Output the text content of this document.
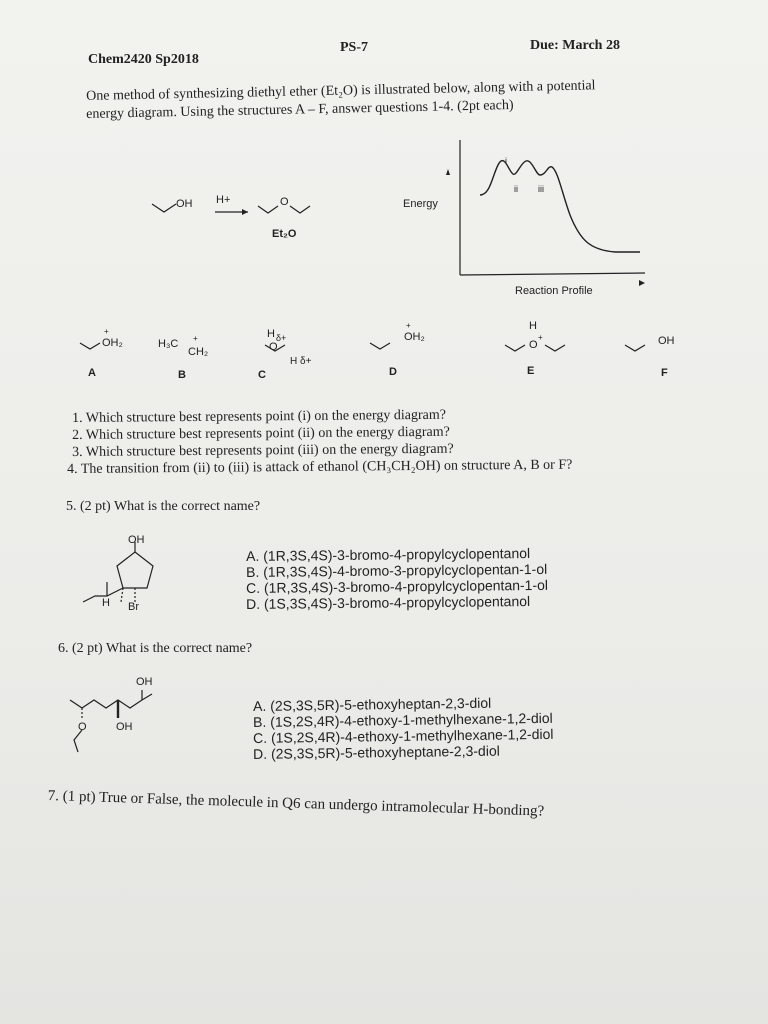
Chem2420 Sp2018
PS-7	Due: March 28
One method of synthesizing diethyl ether (Et₂O) is illustrated below, along with a potential
energy diagram. Using the structures A – F, answer questions 1-4. (2pt each)
OH H+	O
Et₂O
Energy
Reaction Profile
i
ii iii
OH₂
+
A
H₃C
CH₂
+
B
H δ+
O
H δ+
C
OH₂
+
D
H
O
+
E
OH
F
1. Which structure best represents point (i) on the energy diagram?
2. Which structure best represents point (ii) on the energy diagram?
3. Which structure best represents point (iii) on the energy diagram?
4. The transition from (ii) to (iii) is attack of ethanol (CH₃CH₂OH) on structure A, B or F?
5. (2 pt) What is the correct name?
OH
H Br
A. (1R,3S,4S)-3-bromo-4-propylcyclopentanol
B. (1R,3S,4S)-4-bromo-3-propylcyclopentan-1-ol
C. (1R,3S,4S)-3-bromo-4-propylcyclopentan-1-ol
D. (1S,3S,4S)-3-bromo-4-propylcyclopentanol
6. (2 pt) What is the correct name?
OH
O	OH
A. (2S,3S,5R)-5-ethoxyheptan-2,3-diol
B. (1S,2S,4R)-4-ethoxy-1-methylhexane-1,2-diol
C. (1S,2S,4R)-4-ethoxy-1-methylhexane-1,2-diol
D. (2S,3S,5R)-5-ethoxyheptane-2,3-diol
7. (1 pt) True or False, the molecule in Q6 can undergo intramolecular H-bonding?
